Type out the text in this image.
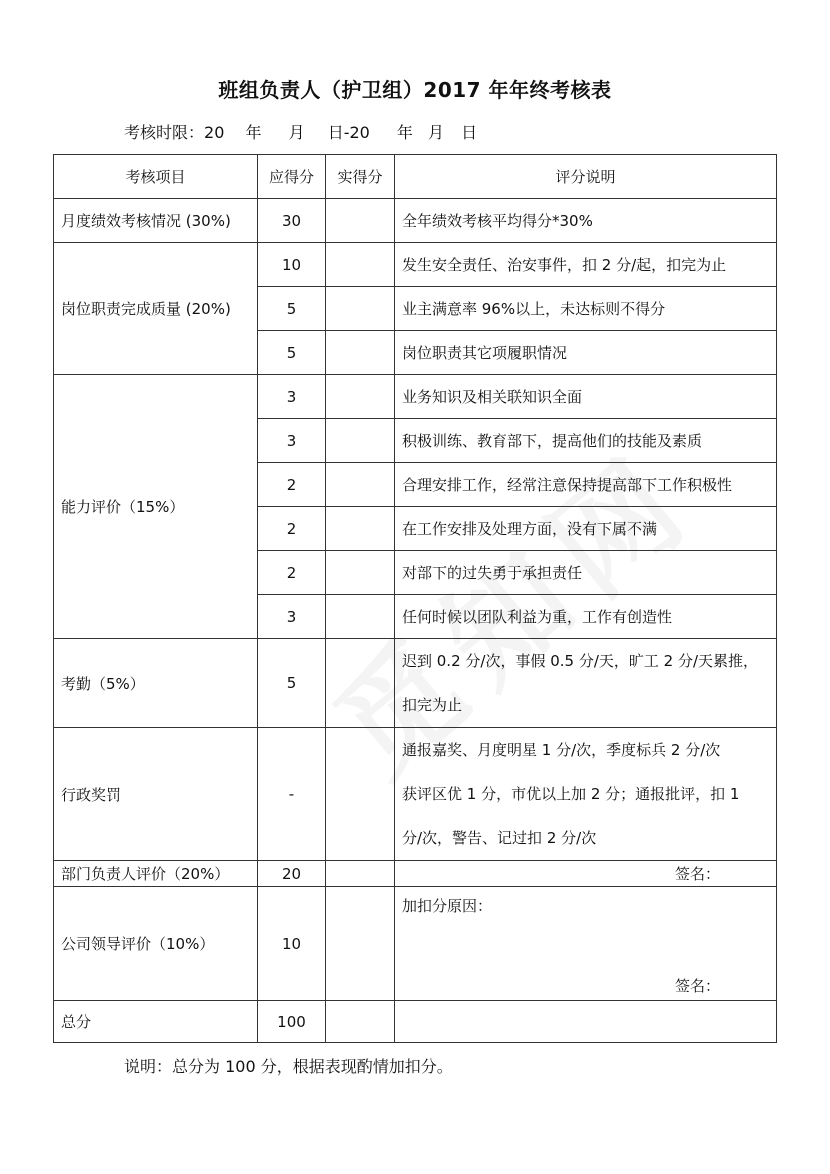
班组负责人（护卫组）2017 年年终考核表
考核时限：20 年 月 日-20 年 月 日
考核项目	应得分	实得分	评分说明
月度绩效考核情况 (30%)	30		全年绩效考核平均得分*30%
岗位职责完成质量 (20%)	10		发生安全责任、治安事件，扣 2 分/起，扣完为止
	5		业主满意率 96%以上，未达标则不得分
	5		岗位职责其它项履职情况
能力评价（15%）	3		业务知识及相关联知识全面
	3		积极训练、教育部下，提高他们的技能及素质
	2		合理安排工作，经常注意保持提高部下工作积极性
	2		在工作安排及处理方面，没有下属不满
	2		对部下的过失勇于承担责任
	3		任何时候以团队利益为重，工作有创造性
考勤（5%）	5		迟到 0.2 分/次，事假 0.5 分/天，旷工 2 分/天累推，
扣完为止

行政奖罚	-		通报嘉奖、月度明星 1 分/次，季度标兵 2 分/次
获评区优 1 分，市优以上加 2 分；通报批评，扣 1
分/次，警告、记过扣 2 分/次

部门负责人评价（20%）	20		签名：
公司领导评价（10%）	10		加扣分原因：
签名：

总分	100		
说明：总分为 100 分，根据表现酌情加扣分。
